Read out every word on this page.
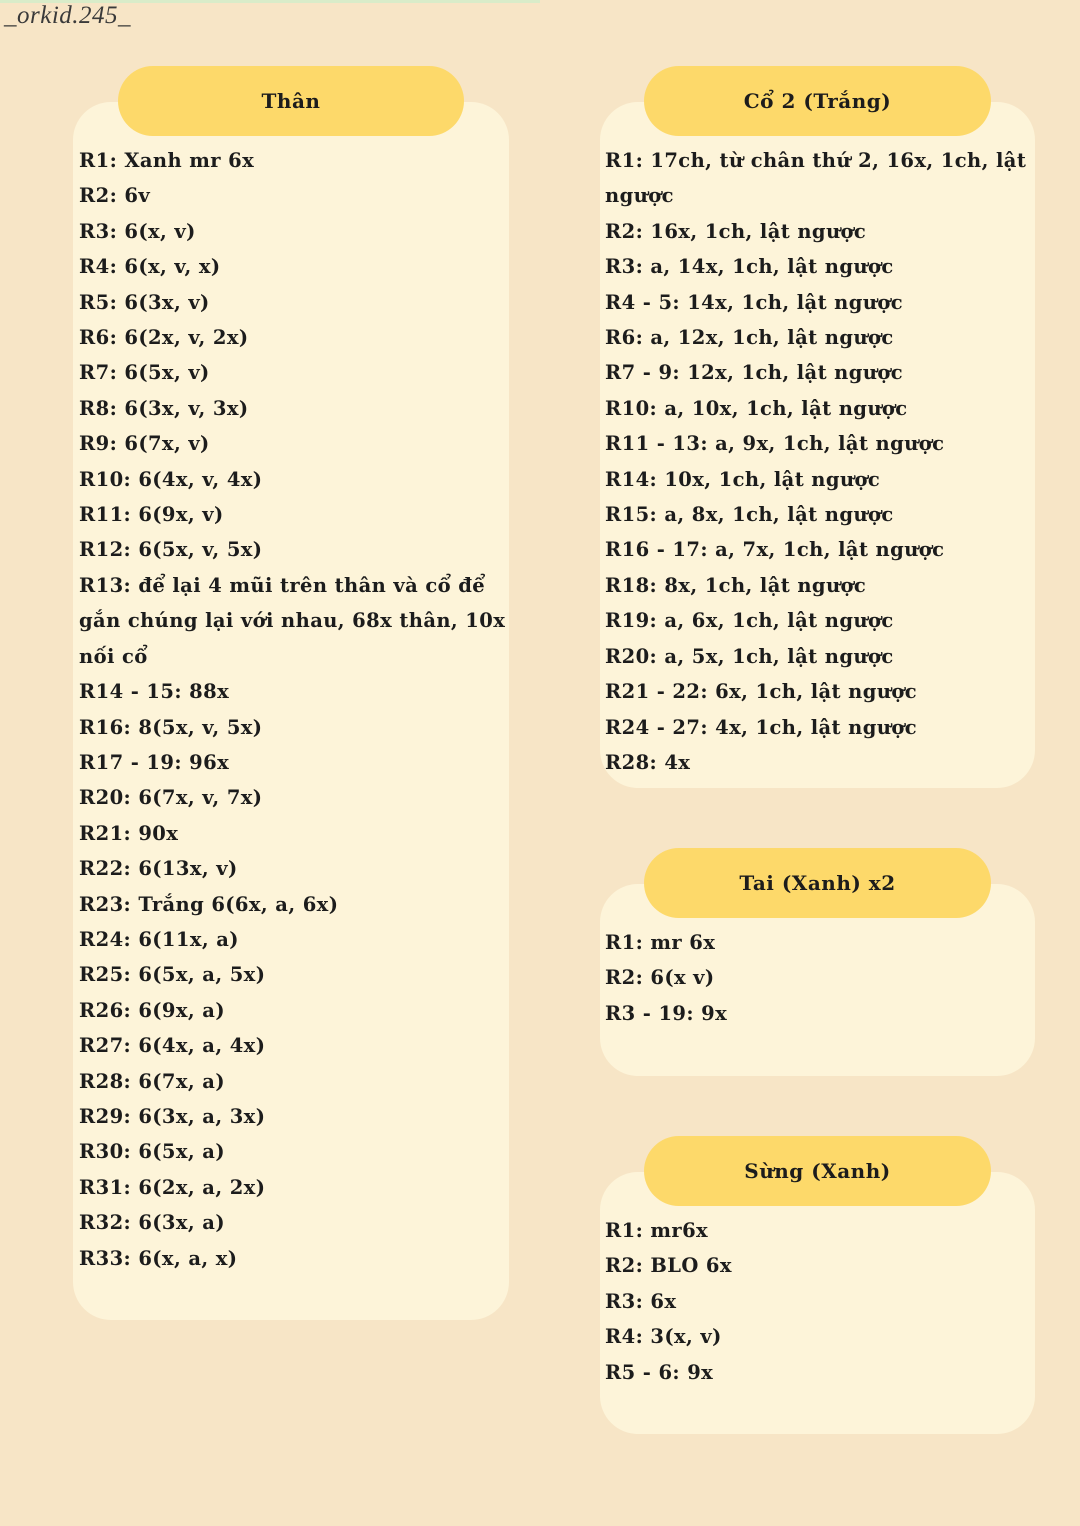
_orkid.245_
Thân
R1: Xanh mr 6x
R2: 6v
R3: 6(x, v)
R4: 6(x, v, x)
R5: 6(3x, v)
R6: 6(2x, v, 2x)
R7: 6(5x, v)
R8: 6(3x, v, 3x)
R9: 6(7x, v)
R10: 6(4x, v, 4x)
R11: 6(9x, v)
R12: 6(5x, v, 5x)
R13: để lại 4 mũi trên thân và cổ để
gắn chúng lại với nhau, 68x thân, 10x
nối cổ
R14 - 15: 88x
R16: 8(5x, v, 5x)
R17 - 19: 96x
R20: 6(7x, v, 7x)
R21: 90x
R22: 6(13x, v)
R23: Trắng 6(6x, a, 6x)
R24: 6(11x, a)
R25: 6(5x, a, 5x)
R26: 6(9x, a)
R27: 6(4x, a, 4x)
R28: 6(7x, a)
R29: 6(3x, a, 3x)
R30: 6(5x, a)
R31: 6(2x, a, 2x)
R32: 6(3x, a)
R33: 6(x, a, x)
Cổ 2 (Trắng)
R1: 17ch, từ chân thứ 2, 16x, 1ch, lật
ngược
R2: 16x, 1ch, lật ngược
R3: a, 14x, 1ch, lật ngược
R4 - 5: 14x, 1ch, lật ngược
R6: a, 12x, 1ch, lật ngược
R7 - 9: 12x, 1ch, lật ngược
R10: a, 10x, 1ch, lật ngược
R11 - 13: a, 9x, 1ch, lật ngược
R14: 10x, 1ch, lật ngược
R15: a, 8x, 1ch, lật ngược
R16 - 17: a, 7x, 1ch, lật ngược
R18: 8x, 1ch, lật ngược
R19: a, 6x, 1ch, lật ngược
R20: a, 5x, 1ch, lật ngược
R21 - 22: 6x, 1ch, lật ngược
R24 - 27: 4x, 1ch, lật ngược
R28: 4x
Tai (Xanh) x2
R1: mr 6x
R2: 6(x v)
R3 - 19: 9x
Sừng (Xanh)
R1: mr6x
R2: BLO 6x
R3: 6x
R4: 3(x, v)
R5 - 6: 9x
